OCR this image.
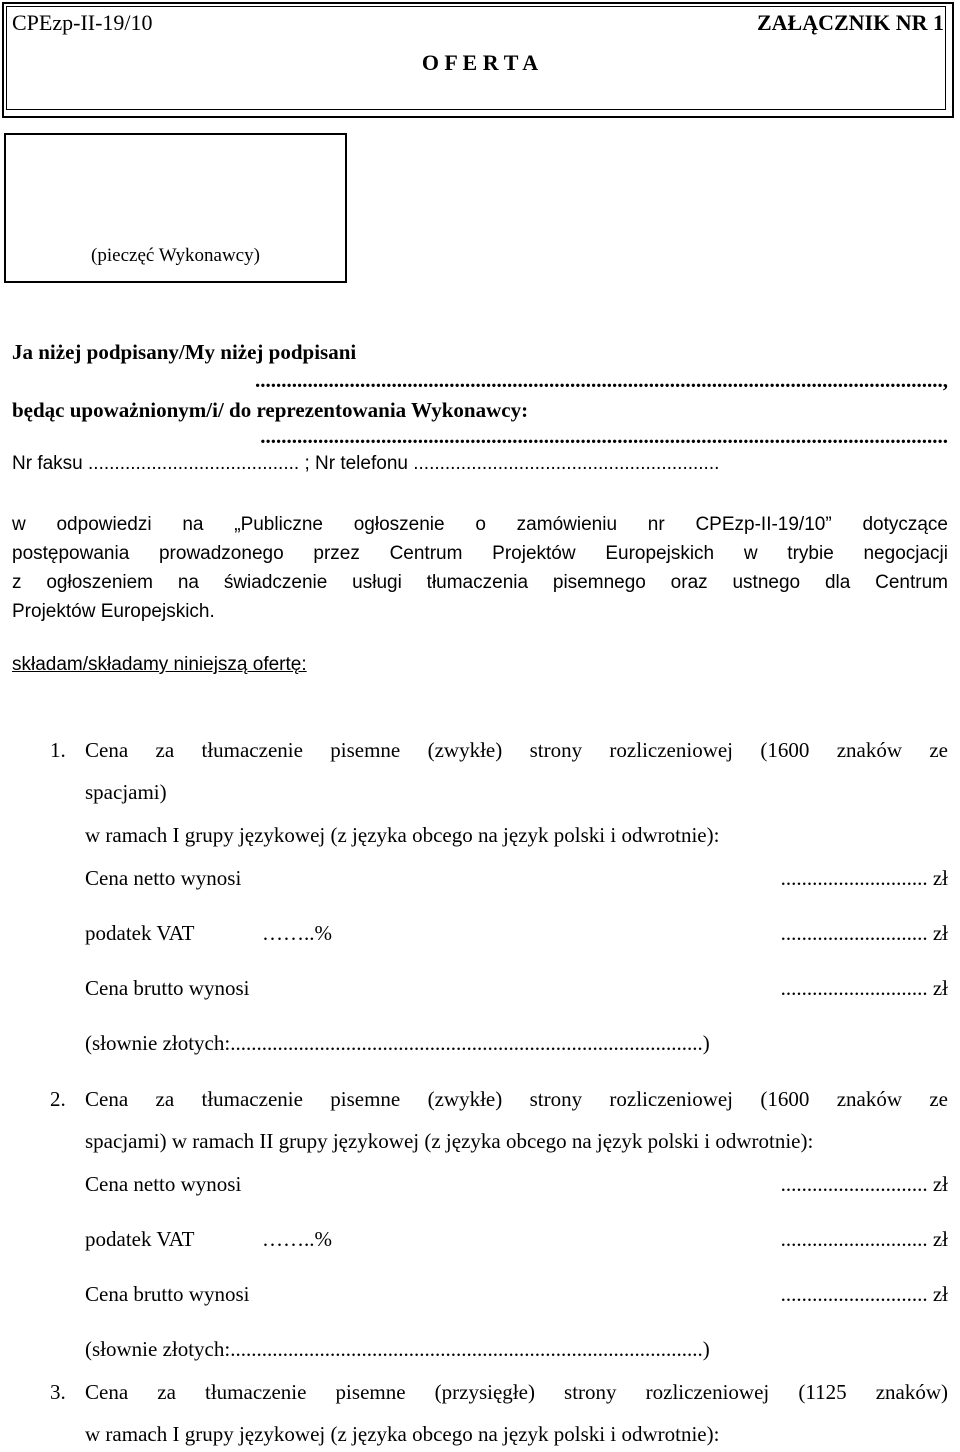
CPEzp-II-19/10	ZAŁĄCZNIK NR 1
O F E R T A
(pieczęć Wykonawcy)
Ja niżej podpisany/My niżej podpisani
...................................................................................................................................,
będąc upoważnionym/i/ do reprezentowania Wykonawcy:
...................................................................................................................................
Nr faksu ........................................ ; Nr telefonu ..........................................................
w odpowiedzi na „Publiczne ogłoszenie o zamówieniu nr CPEzp-II-19/10” dotyczące
postępowania prowadzonego przez Centrum Projektów Europejskich w trybie negocjacji
z ogłoszeniem na świadczenie usługi tłumaczenia pisemnego oraz ustnego dla Centrum
Projektów Europejskich.
składam/składamy niniejszą ofertę:
1. Cena za tłumaczenie pisemne (zwykłe) strony rozliczeniowej (1600 znaków ze
spacjami)
w ramach I grupy językowej (z języka obcego na język polski i odwrotnie):
Cena netto wynosi	............................ zł
podatek VAT	……..%	............................ zł
Cena brutto wynosi	............................ zł
(słownie złotych:..........................................................................................)
2. Cena za tłumaczenie pisemne (zwykłe) strony rozliczeniowej (1600 znaków ze
spacjami) w ramach II grupy językowej (z języka obcego na język polski i odwrotnie):
Cena netto wynosi	............................ zł
podatek VAT	……..%	............................ zł
Cena brutto wynosi	............................ zł
(słownie złotych:..........................................................................................)
3. Cena za tłumaczenie pisemne (przysięgłe) strony rozliczeniowej (1125 znaków)
w ramach I grupy językowej (z języka obcego na język polski i odwrotnie):
